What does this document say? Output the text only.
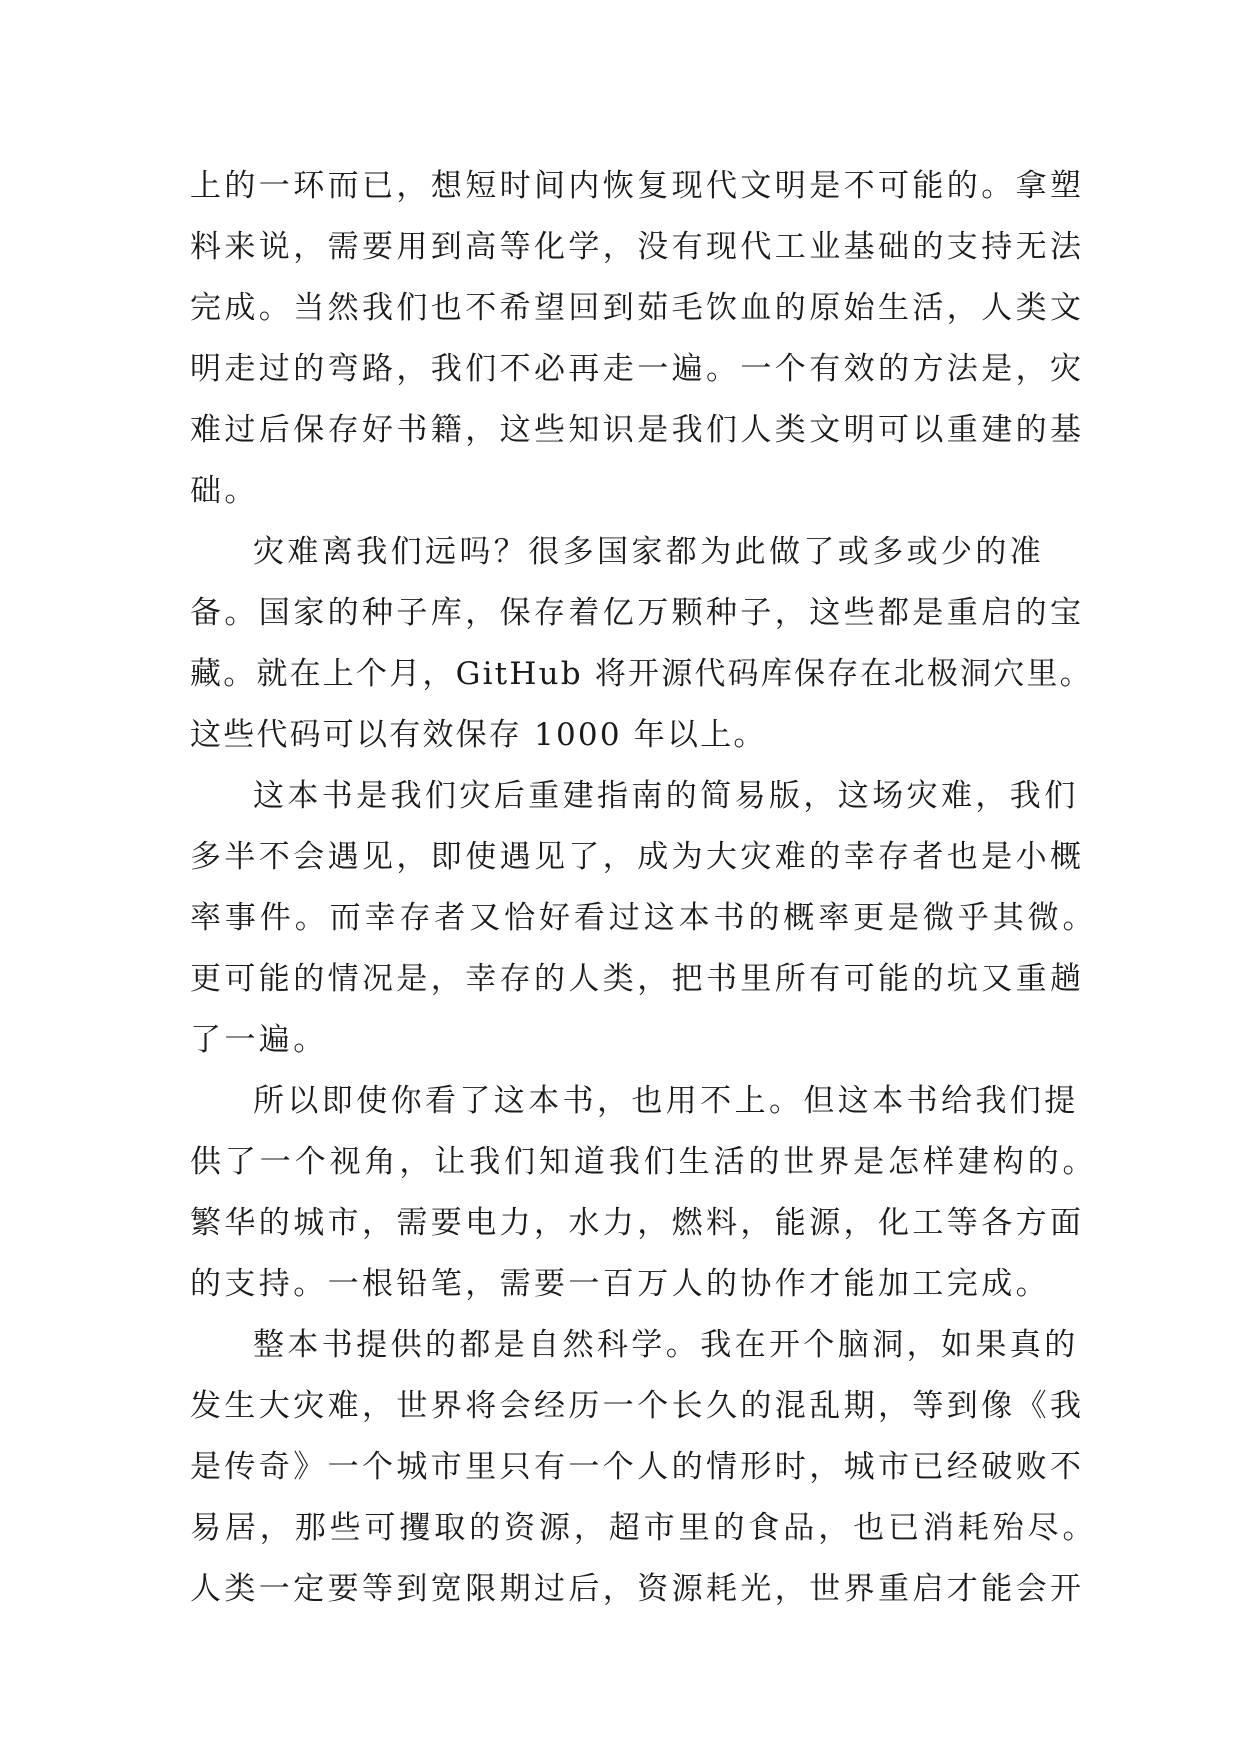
上的一环而已，想短时间内恢复现代文明是不可能的。拿塑

料来说，需要用到高等化学，没有现代工业基础的支持无法

完成。当然我们也不希望回到茹毛饮血的原始生活，人类文

明走过的弯路，我们不必再走一遍。一个有效的方法是，灾

难过后保存好书籍，这些知识是我们人类文明可以重建的基

础。

灾难离我们远吗？很多国家都为此做了或多或少的准

备。国家的种子库，保存着亿万颗种子，这些都是重启的宝

藏。就在上个月，GitHub 将开源代码库保存在北极洞穴里。

这些代码可以有效保存 1000 年以上。

这本书是我们灾后重建指南的简易版，这场灾难，我们

多半不会遇见，即使遇见了，成为大灾难的幸存者也是小概

率事件。而幸存者又恰好看过这本书的概率更是微乎其微。

更可能的情况是，幸存的人类，把书里所有可能的坑又重趟

了一遍。

所以即使你看了这本书，也用不上。但这本书给我们提

供了一个视角，让我们知道我们生活的世界是怎样建构的。

繁华的城市，需要电力，水力，燃料，能源，化工等各方面

的支持。一根铅笔，需要一百万人的协作才能加工完成。

整本书提供的都是自然科学。我在开个脑洞，如果真的

发生大灾难，世界将会经历一个长久的混乱期，等到像《我

是传奇》一个城市里只有一个人的情形时，城市已经破败不

易居，那些可攫取的资源，超市里的食品，也已消耗殆尽。

人类一定要等到宽限期过后，资源耗光，世界重启才能会开
